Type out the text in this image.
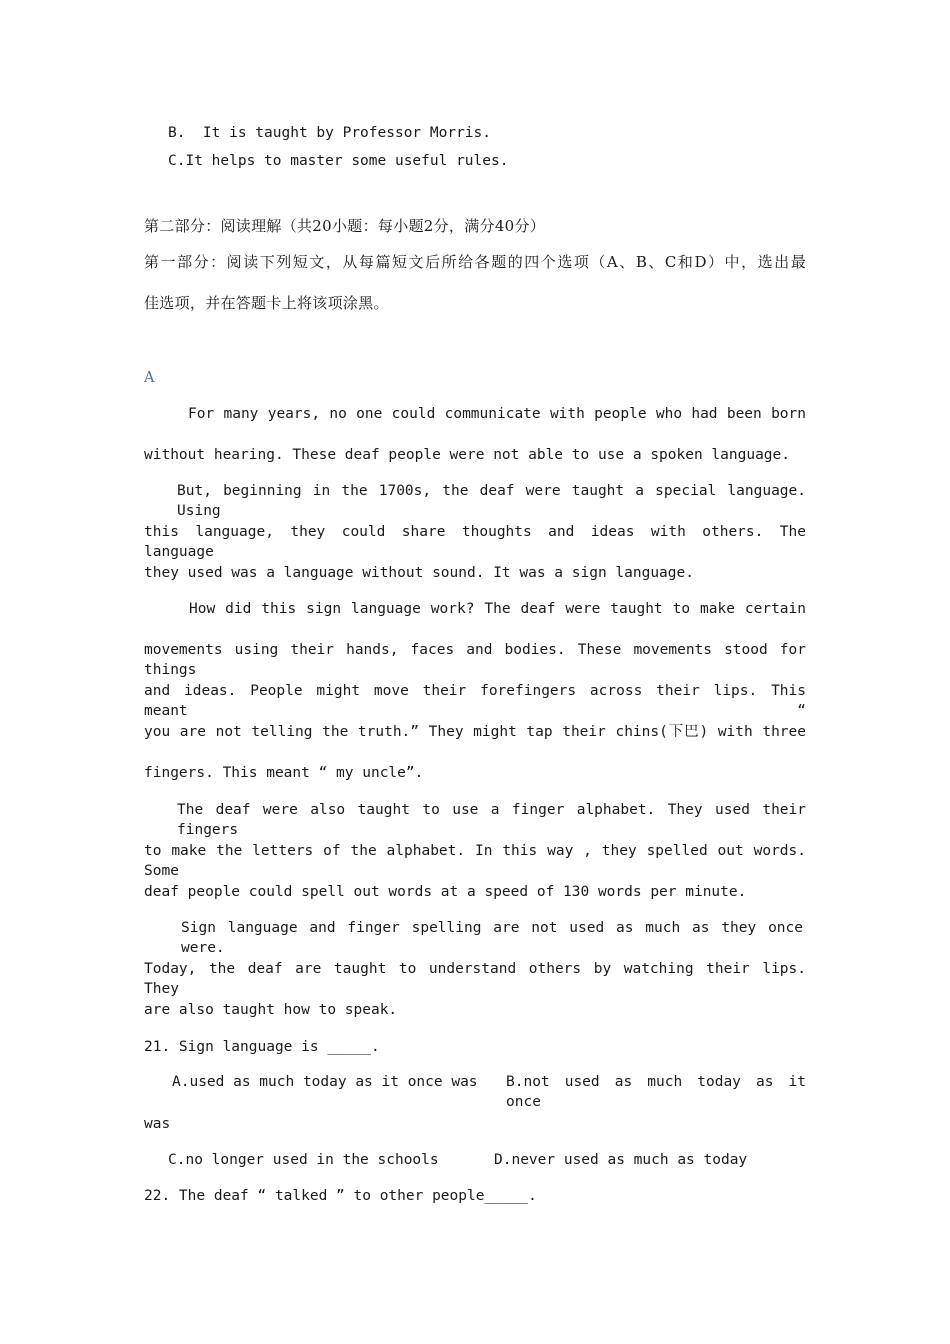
B.  It is taught by Professor Morris.
C.It helps to master some useful rules.
第二部分：阅读理解（共20小题：每小题2分，满分40分）
第一部分：阅读下列短文，从每篇短文后所给各题的四个选项（A、B、C和D）中，选出最
佳选项，并在答题卡上将该项涂黑。
A
For many years, no one could communicate with people who had been born
without hearing. These deaf people were not able to use a spoken language.
But, beginning in the 1700s, the deaf were taught a special language. Using
this language, they could share thoughts and ideas with others. The language
they used was a language without sound. It was a sign language.
How did this sign language work? The deaf were taught to make certain
movements using their hands, faces and bodies. These movements stood for things
and ideas. People might move their forefingers across their lips. This meant “
you are not telling the truth.” They might tap their chins(下巴) with three
fingers. This meant “ my uncle”.
The deaf were also taught to use a finger alphabet. They used their fingers
to make the letters of the alphabet. In this way , they spelled out words. Some
deaf people could spell out words at a speed of 130 words per minute.
Sign language and finger spelling are not used as much as they once were.
Today, the deaf are taught to understand others by watching their lips. They
are also taught how to speak.
21. Sign language is _____.
A.used as much today as it once was B.not used as much today as it once
was
C.no longer used in the schools	D.never used as much as today
22. The deaf “ talked ” to other people_____.
